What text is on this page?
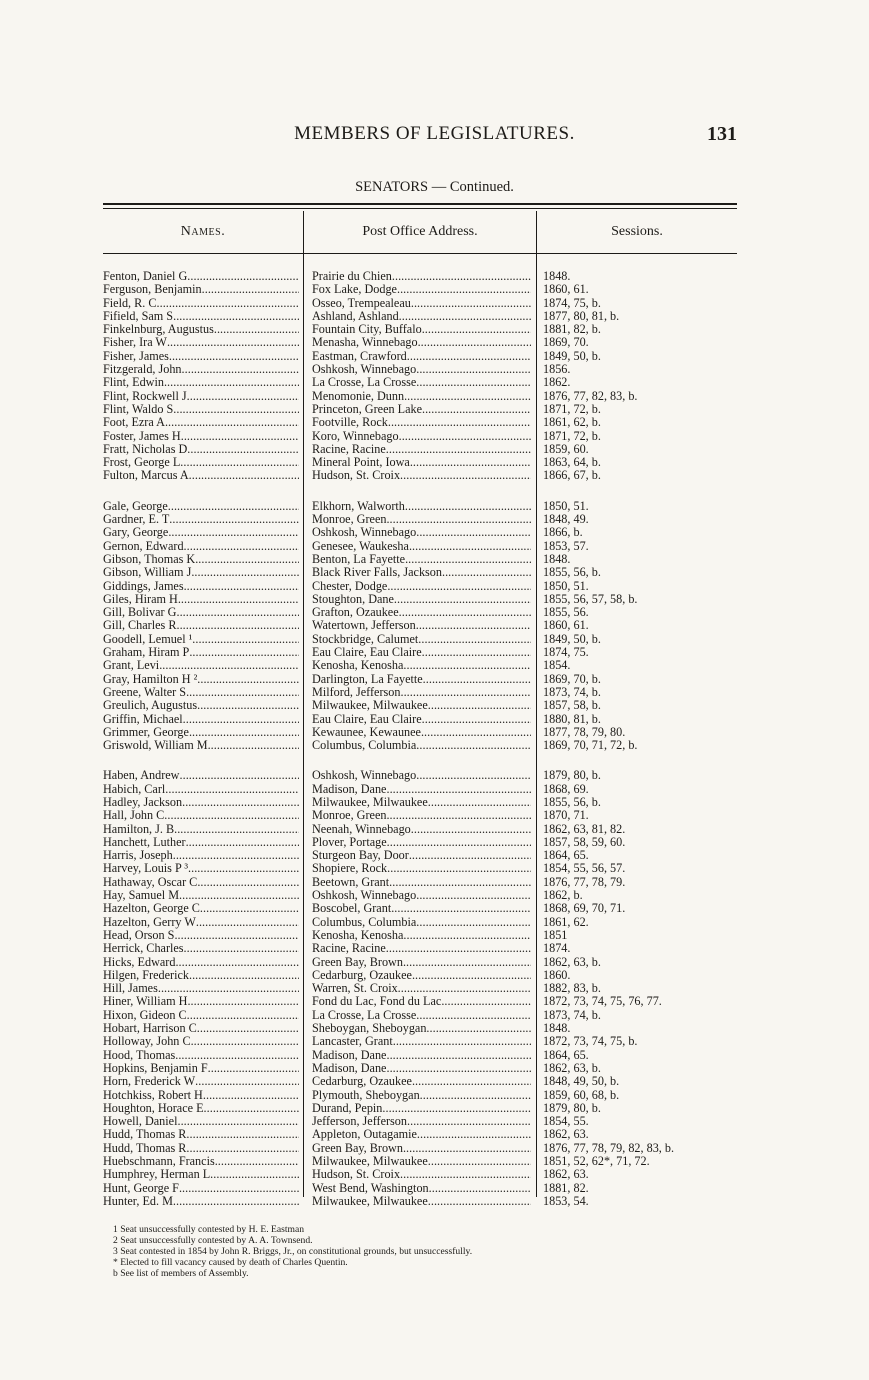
MEMBERS OF LEGISLATURES.	131
SENATORS — Continued.
Names.	Post Office Address.	Sessions.
Fenton, Daniel G . . .	Prairie du Chien . . .	1848.
Ferguson, Benjamin . . .	Fox Lake, Dodge . . .	1860, 61.
Field, R. C . . .	Osseo, Trempealeau . . .	1874, 75, b.
Fifield, Sam S . . .	Ashland, Ashland . . .	1877, 80, 81, b.
Finkelnburg, Augustus . . .	Fountain City, Buffalo . . .	1881, 82, b.
Fisher, Ira W . . .	Menasha, Winnebago . . .	1869, 70.
Fisher, James . . .	Eastman, Crawford . . .	1849, 50, b.
Fitzgerald, John . . .	Oshkosh, Winnebago . . .	1856.
Flint, Edwin . . .	La Crosse, La Crosse . . .	1862.
Flint, Rockwell J . . .	Menomonie, Dunn . . .	1876, 77, 82, 83, b.
Flint, Waldo S . . .	Princeton, Green Lake . . .	1871, 72, b.
Foot, Ezra A . . .	Footville, Rock . . .	1861, 62, b.
Foster, James H . . .	Koro, Winnebago . . .	1871, 72, b.
Fratt, Nicholas D . . .	Racine, Racine . . .	1859, 60.
Frost, George L . . .	Mineral Point, Iowa . . .	1863, 64, b.
Fulton, Marcus A . . .	Hudson, St. Croix . . .	1866, 67, b.
Gale, George . . .	Elkhorn, Walworth . . .	1850, 51.
Gardner, E. T . . .	Monroe, Green . . .	1848, 49.
Gary, George . . .	Oshkosh, Winnebago . . .	1866, b.
Gernon, Edward . . .	Genesee, Waukesha . . .	1853, 57.
Gibson, Thomas K . . .	Benton, La Fayette . . .	1848.
Gibson, William J . . .	Black River Falls, Jackson . . .	1855, 56, b.
Giddings, James . . .	Chester, Dodge . . .	1850, 51.
Giles, Hiram H . . .	Stoughton, Dane . . .	1855, 56, 57, 58, b.
Gill, Bolivar G . . .	Grafton, Ozaukee . . .	1855, 56.
Gill, Charles R . . .	Watertown, Jefferson . . .	1860, 61.
Goodell, Lemuel ¹ . . .	Stockbridge, Calumet . . .	1849, 50, b.
Graham, Hiram P . . .	Eau Claire, Eau Claire . . .	1874, 75.
Grant, Levi . . .	Kenosha, Kenosha . . .	1854.
Gray, Hamilton H ² . . .	Darlington, La Fayette . . .	1869, 70, b.
Greene, Walter S . . .	Milford, Jefferson . . .	1873, 74, b.
Greulich, Augustus . . .	Milwaukee, Milwaukee . . .	1857, 58, b.
Griffin, Michael . . .	Eau Claire, Eau Claire . . .	1880, 81, b.
Grimmer, George . . .	Kewaunee, Kewaunee . . .	1877, 78, 79, 80.
Griswold, William M . . .	Columbus, Columbia . . .	1869, 70, 71, 72, b.
Haben, Andrew . . .	Oshkosh, Winnebago . . .	1879, 80, b.
Habich, Carl . . .	Madison, Dane . . .	1868, 69.
Hadley, Jackson . . .	Milwaukee, Milwaukee . . .	1855, 56, b.
Hall, John C . . .	Monroe, Green . . .	1870, 71.
Hamilton, J. B . . .	Neenah, Winnebago . . .	1862, 63, 81, 82.
Hanchett, Luther . . .	Plover, Portage . . .	1857, 58, 59, 60.
Harris, Joseph . . .	Sturgeon Bay, Door . . .	1864, 65.
Harvey, Louis P ³ . . .	Shopiere, Rock . . .	1854, 55, 56, 57.
Hathaway, Oscar C . . .	Beetown, Grant . . .	1876, 77, 78, 79.
Hay, Samuel M . . .	Oshkosh, Winnebago . . .	1862, b.
Hazelton, George C . . .	Boscobel, Grant . . .	1868, 69, 70, 71.
Hazelton, Gerry W . . .	Columbus, Columbia . . .	1861, 62.
Head, Orson S . . .	Kenosha, Kenosha . . .	1851
Herrick, Charles . . .	Racine, Racine . . .	1874.
Hicks, Edward . . .	Green Bay, Brown . . .	1862, 63, b.
Hilgen, Frederick . . .	Cedarburg, Ozaukee . . .	1860.
Hill, James . . .	Warren, St. Croix . . .	1882, 83, b.
Hiner, William H . . .	Fond du Lac, Fond du Lac . . .	1872, 73, 74, 75, 76, 77.
Hixon, Gideon C . . .	La Crosse, La Crosse . . .	1873, 74, b.
Hobart, Harrison C . . .	Sheboygan, Sheboygan . . .	1848.
Holloway, John C . . .	Lancaster, Grant . . .	1872, 73, 74, 75, b.
Hood, Thomas . . .	Madison, Dane . . .	1864, 65.
Hopkins, Benjamin F . . .	Madison, Dane . . .	1862, 63, b.
Horn, Frederick W . . .	Cedarburg, Ozaukee . . .	1848, 49, 50, b.
Hotchkiss, Robert H . . .	Plymouth, Sheboygan . . .	1859, 60, 68, b.
Houghton, Horace E . . .	Durand, Pepin . . .	1879, 80, b.
Howell, Daniel . . .	Jefferson, Jefferson . . .	1854, 55.
Hudd, Thomas R . . .	Appleton, Outagamie . . .	1862, 63.
Hudd, Thomas R . . .	Green Bay, Brown . . .	1876, 77, 78, 79, 82, 83, b.
Huebschmann, Francis . . .	Milwaukee, Milwaukee . . .	1851, 52, 62*, 71, 72.
Humphrey, Herman L . . .	Hudson, St. Croix . . .	1862, 63.
Hunt, George F . . .	West Bend, Washington . . .	1881, 82.
Hunter, Ed. M . . .	Milwaukee, Milwaukee . . .	1853, 54.
1 Seat unsuccessfully contested by H. E. Eastman
2 Seat unsuccessfully contested by A. A. Townsend.
3 Seat contested in 1854 by John R. Briggs, Jr., on constitutional grounds, but unsuccessfully.
* Elected to fill vacancy caused by death of Charles Quentin.
b See list of members of Assembly.
